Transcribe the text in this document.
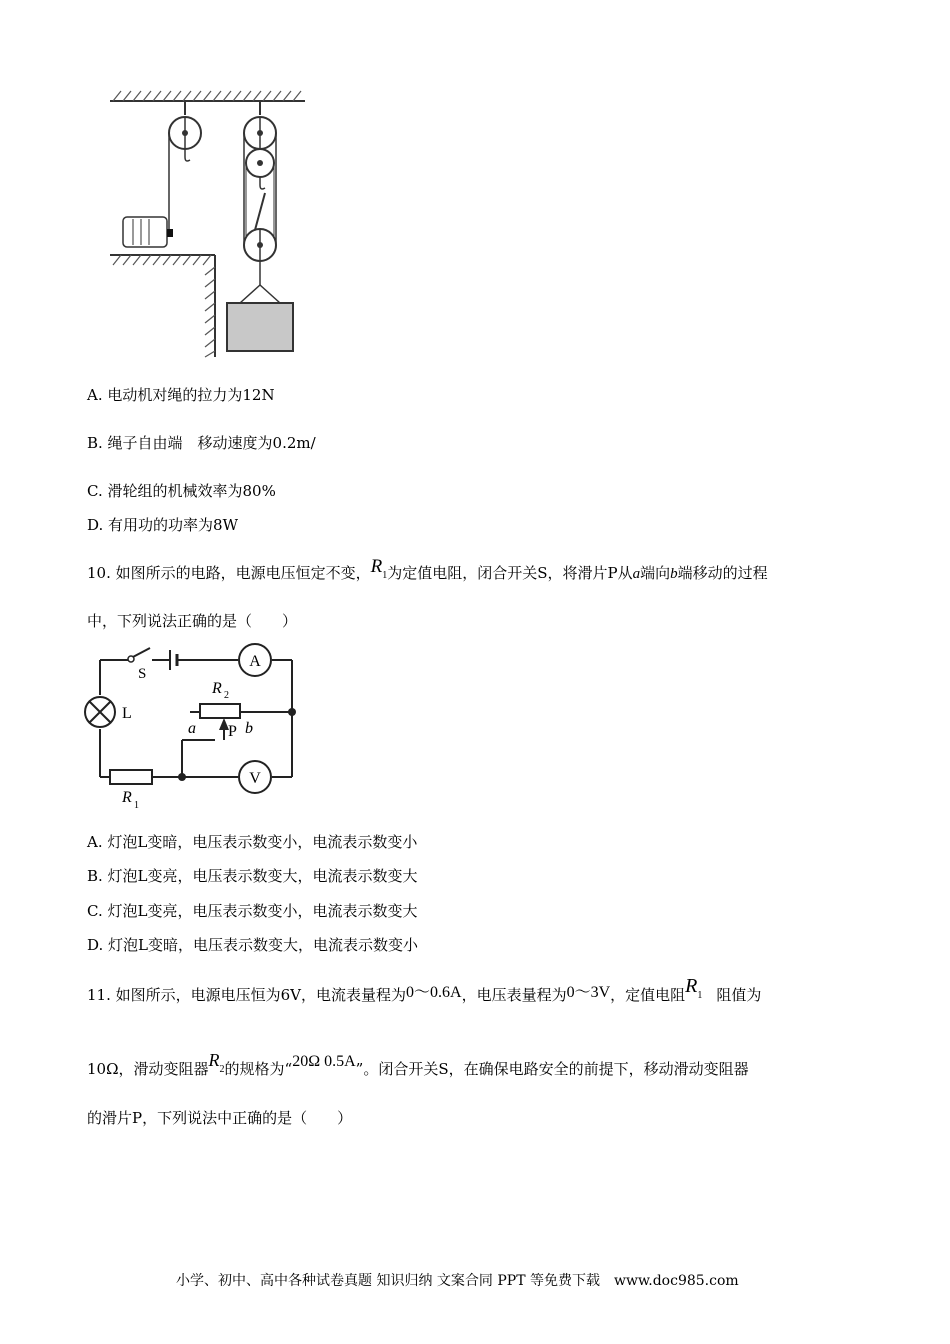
A. 电动机对绳的拉力为12N
B. 绳子自由端　移动速度为0.2m/
C. 滑轮组的机械效率为80%
D. 有用功的功率为8W
10. 如图所示的电路，电源电压恒定不变，$R_1$为定值电阻，闭合开关S，将滑片P从a端向b端移动的过程
中，下列说法正确的是（　　）
A
S
L
R 2
a	b
P
V
R 1
A. 灯泡L变暗，电压表示数变小，电流表示数变小
B. 灯泡L变亮，电压表示数变大，电流表示数变大
C. 灯泡L变亮，电压表示数变小，电流表示数变大
D. 灯泡L变暗，电压表示数变大，电流表示数变小
11. 如图所示，电源电压恒为6V，电流表量程为0～0.6A，电压表量程为0～3V，定值电阻$R_1$ 阻值为
10Ω，滑动变阻器$R_2$的规格为“20Ω 0.5A”。闭合开关S，在确保电路安全的前提下，移动滑动变阻器
的滑片P，下列说法中正确的是（　　）
小学、初中、高中各种试卷真题 知识归纳 文案合同 PPT 等免费下载　www.doc985.com
